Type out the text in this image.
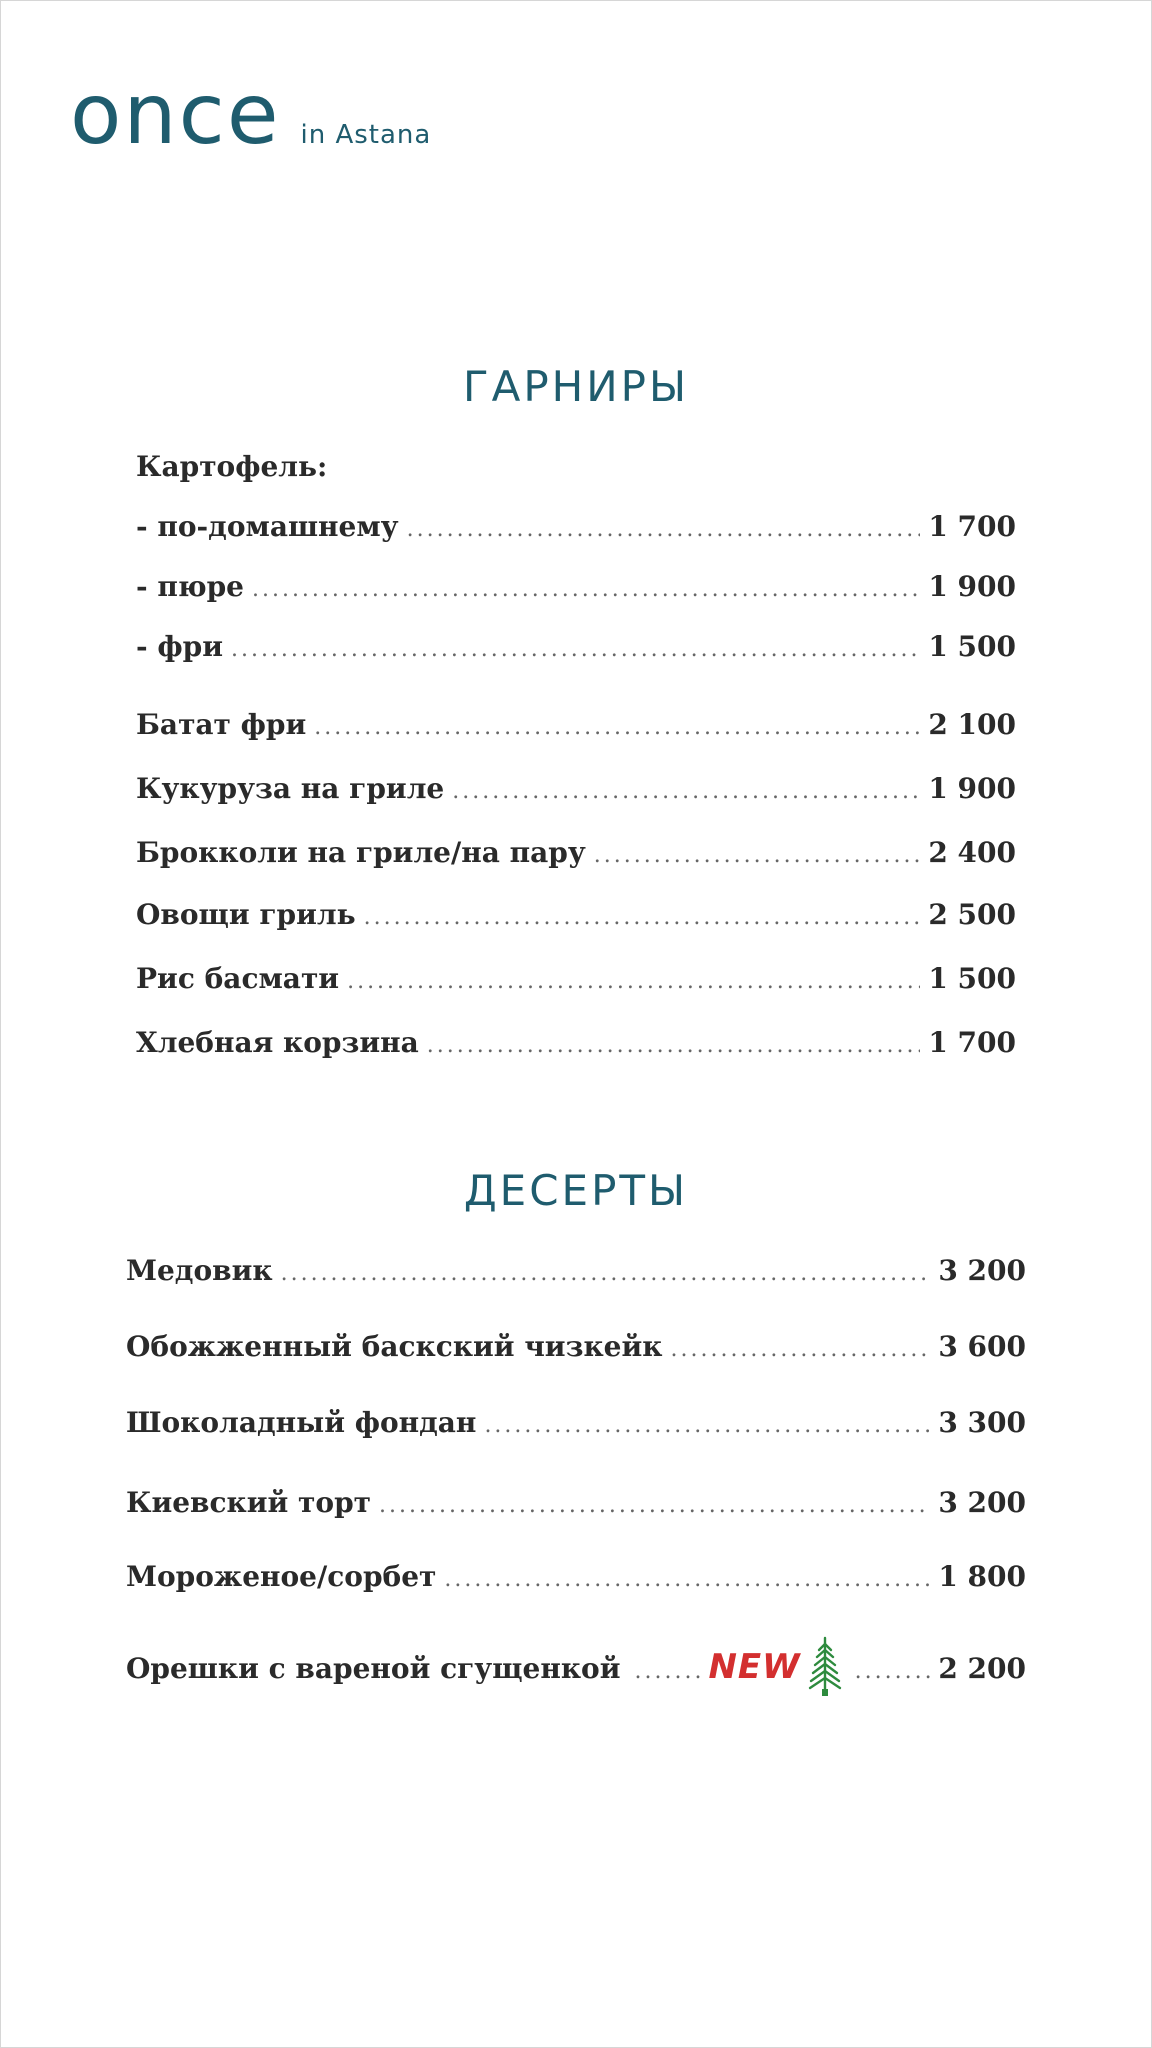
once in Astana
ГАРНИРЫ
Картофель:
- по-домашнему .....	1 700
- пюре .....	1 900
- фри .....	1 500
Батат фри .....	2 100
Кукуруза на гриле .....	1 900
Брокколи на гриле/на пару .....	2 400
Овощи гриль .....	2 500
Рис басмати .....	1 500
Хлебная корзина .....	1 700
ДЕСЕРТЫ
Медовик .....	3 200
Обожженный баскский чизкейк .....	3 600
Шоколадный фондан .....	3 300
Киевский торт .....	3 200
Мороженое/сорбет .....	1 800
Орешки с вареной сгущенкой ....... NEW .....	2 200
